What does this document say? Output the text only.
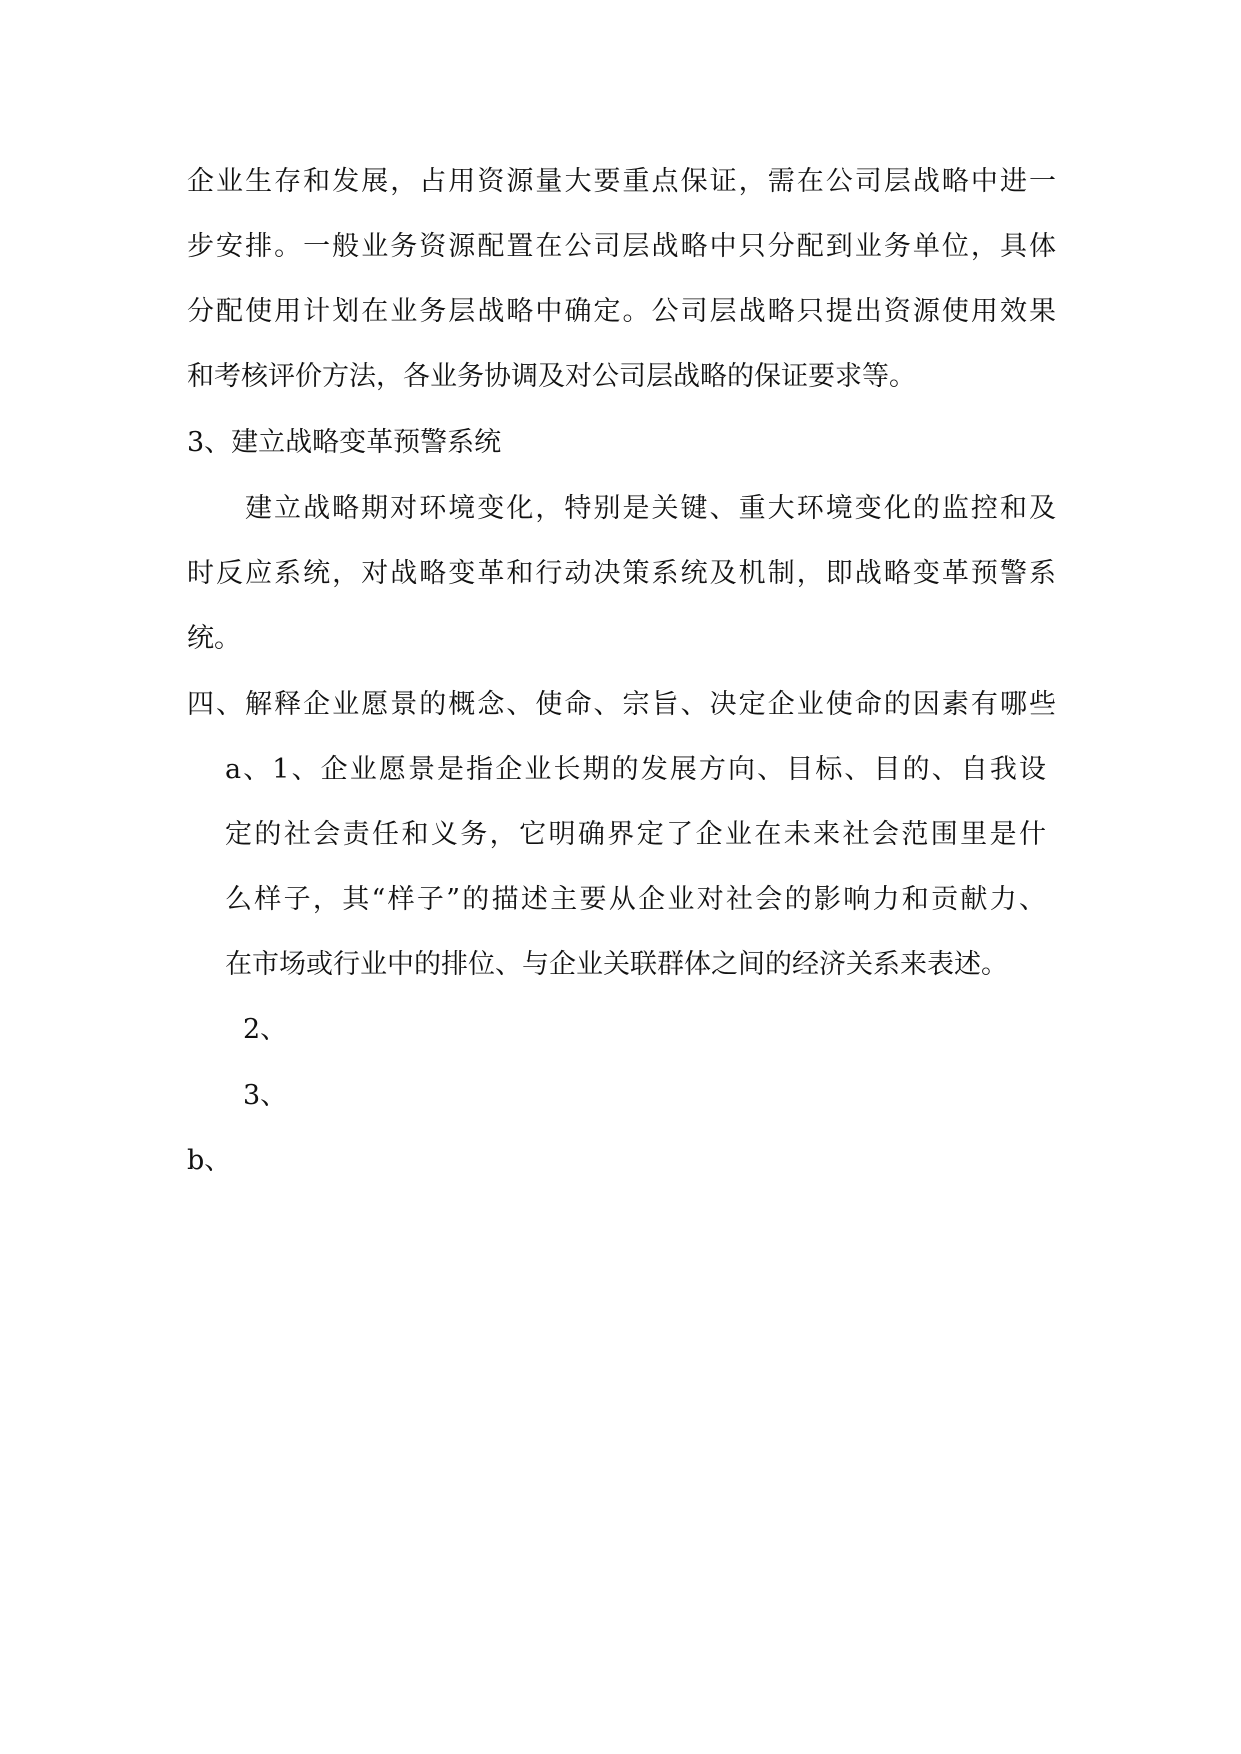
企业生存和发展，占用资源量大要重点保证，需在公司层战略中进一
步安排。一般业务资源配置在公司层战略中只分配到业务单位，具体
分配使用计划在业务层战略中确定。公司层战略只提出资源使用效果
和考核评价方法，各业务协调及对公司层战略的保证要求等。
3、建立战略变革预警系统
建立战略期对环境变化，特别是关键、重大环境变化的监控和及
时反应系统，对战略变革和行动决策系统及机制，即战略变革预警系
统。
四、解释企业愿景的概念、使命、宗旨、决定企业使命的因素有哪些
a、1、企业愿景是指企业长期的发展方向、目标、目的、自我设
定的社会责任和义务，它明确界定了企业在未来社会范围里是什
么样子，其“样子”的描述主要从企业对社会的影响力和贡献力、
在市场或行业中的排位、与企业关联群体之间的经济关系来表述。
2、
3、
b、
